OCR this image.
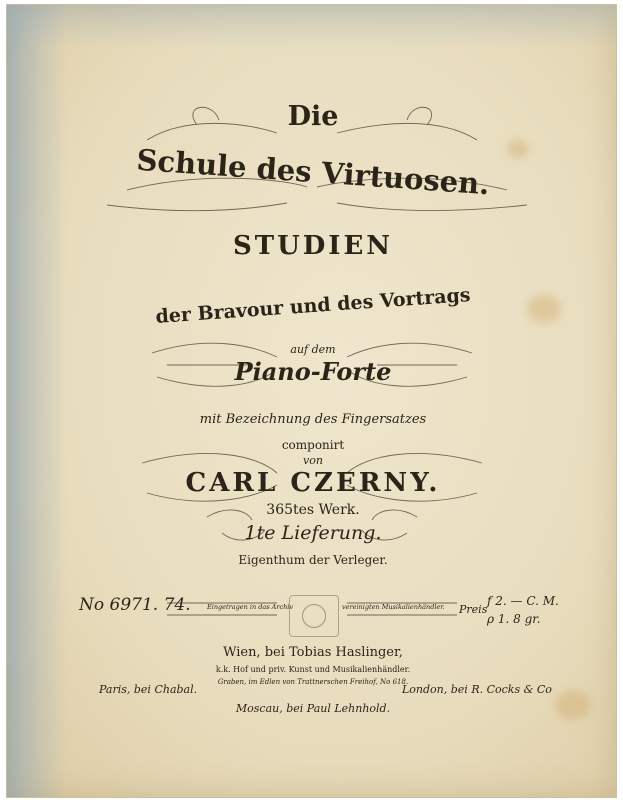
Die
Schule des Virtuosen.
STUDIEN
der Bravour und des Vortrags
auf dem
Piano-Forte
mit Bezeichnung des Fingersatzes
componirt
von
CARL CZERNY.
365tes Werk.
1te Lieferung.
Eigenthum der Verleger.
No 6971. 74.	Eingetragen in das Archiv	vereinigten Musikalienhändler. Preis
f 2. — C. M.
ρ 1. 8 gr.
Wien, bei Tobias Haslinger,
k.k. Hof und priv. Kunst und Musikalienhändler.
Graben, im Edlen von Trattnerschen Freihof, No 618.
Paris, bei Chabal.	London, bei R. Cocks & Co
Moscau, bei Paul Lehnhold.
